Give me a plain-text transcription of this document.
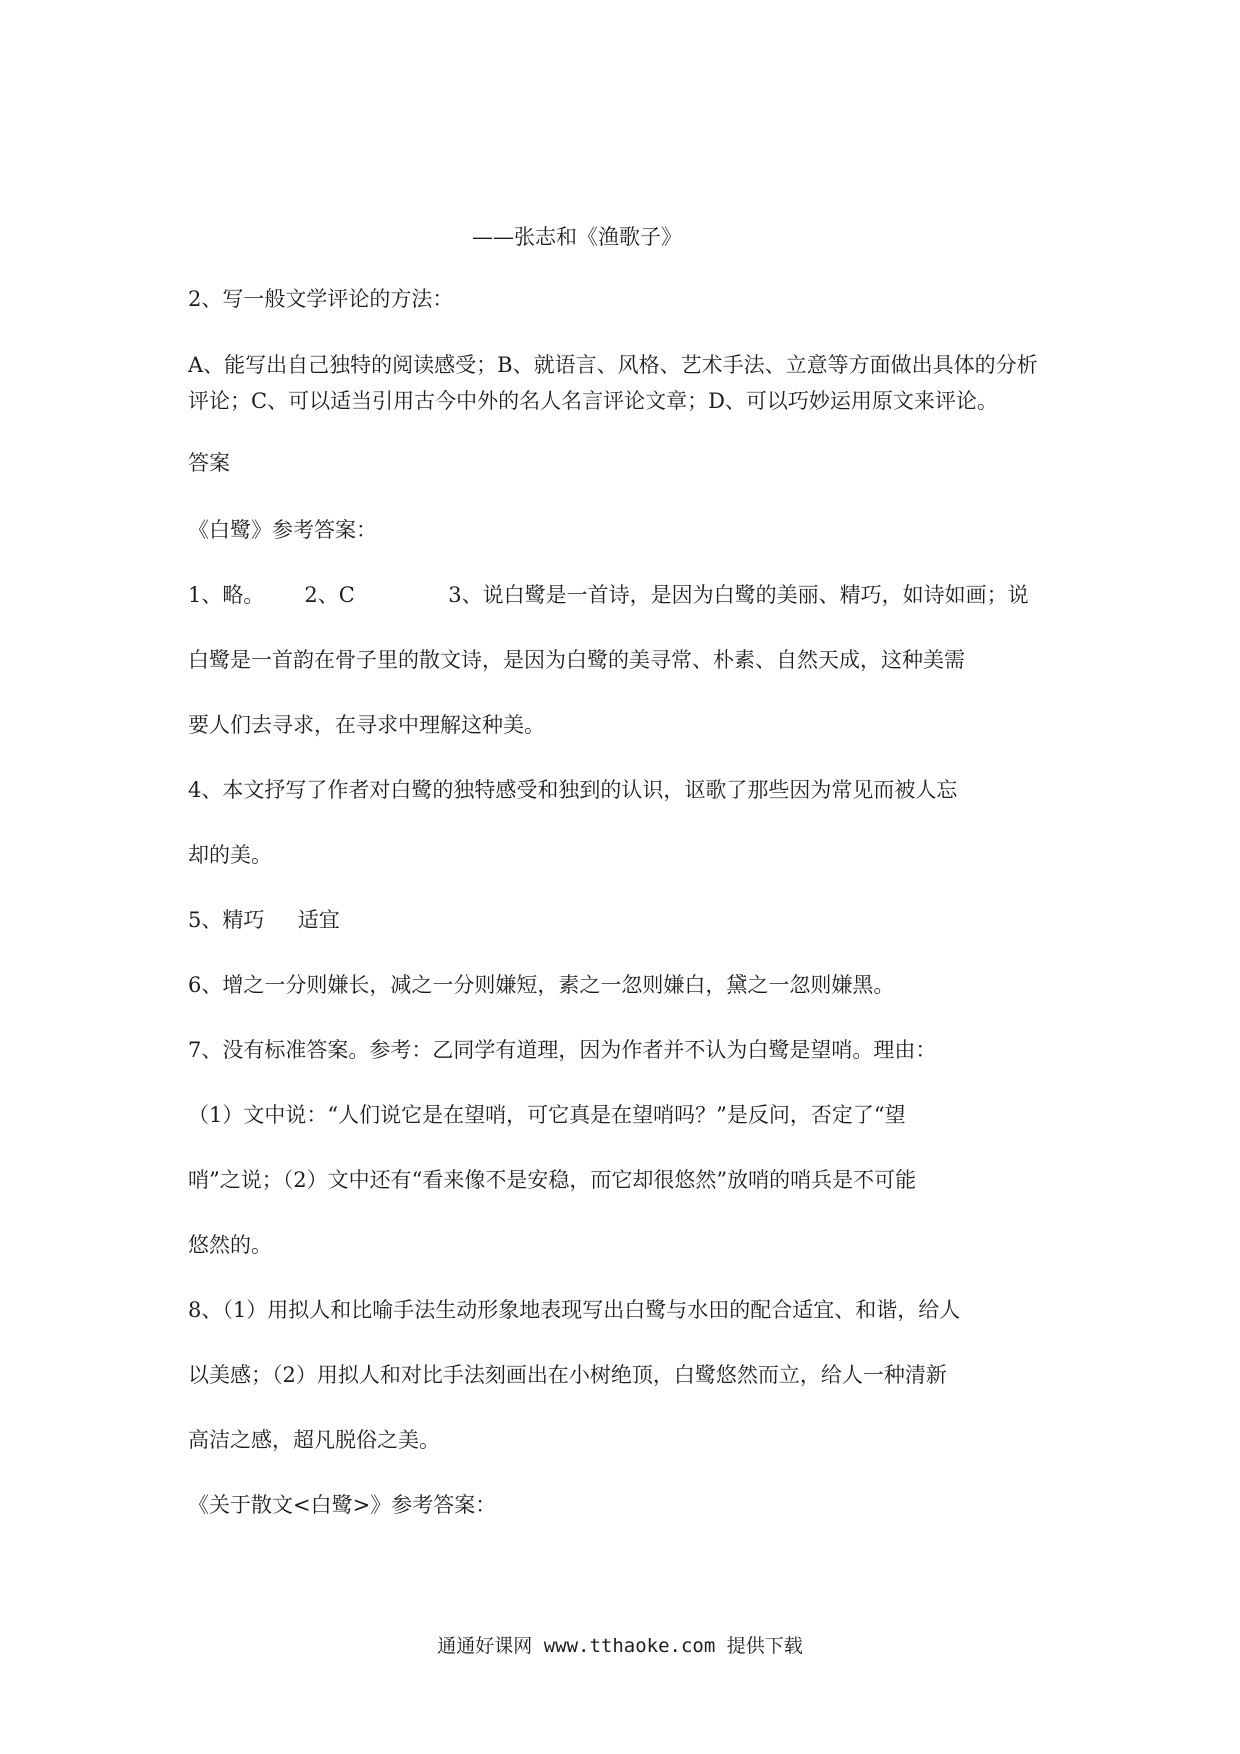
——张志和《渔歌子》

2、写一般文学评论的方法：

A、能写出自己独特的阅读感受；B、就语言、风格、艺术手法、立意等方面做出具体的分析

评论；C、可以适当引用古今中外的名人名言评论文章；D、可以巧妙运用原文来评论。

答案

《白鹭》参考答案：

1、略。      2、C              3、说白鹭是一首诗，是因为白鹭的美丽、精巧，如诗如画；说

白鹭是一首韵在骨子里的散文诗，是因为白鹭的美寻常、朴素、自然天成，这种美需

要人们去寻求，在寻求中理解这种美。

4、本文抒写了作者对白鹭的独特感受和独到的认识，讴歌了那些因为常见而被人忘

却的美。

5、精巧     适宜

6、增之一分则嫌长，减之一分则嫌短，素之一忽则嫌白，黛之一忽则嫌黑。

7、没有标准答案。参考：乙同学有道理，因为作者并不认为白鹭是望哨。理由：

（1）文中说：“人们说它是在望哨，可它真是在望哨吗？”是反问，否定了“望

哨”之说；（2）文中还有“看来像不是安稳，而它却很悠然”放哨的哨兵是不可能

悠然的。

8、（1）用拟人和比喻手法生动形象地表现写出白鹭与水田的配合适宜、和谐，给人

以美感；（2）用拟人和对比手法刻画出在小树绝顶，白鹭悠然而立，给人一种清新

高洁之感，超凡脱俗之美。

《关于散文<白鹭>》参考答案：

通通好课网 www.tthaoke.com 提供下载
